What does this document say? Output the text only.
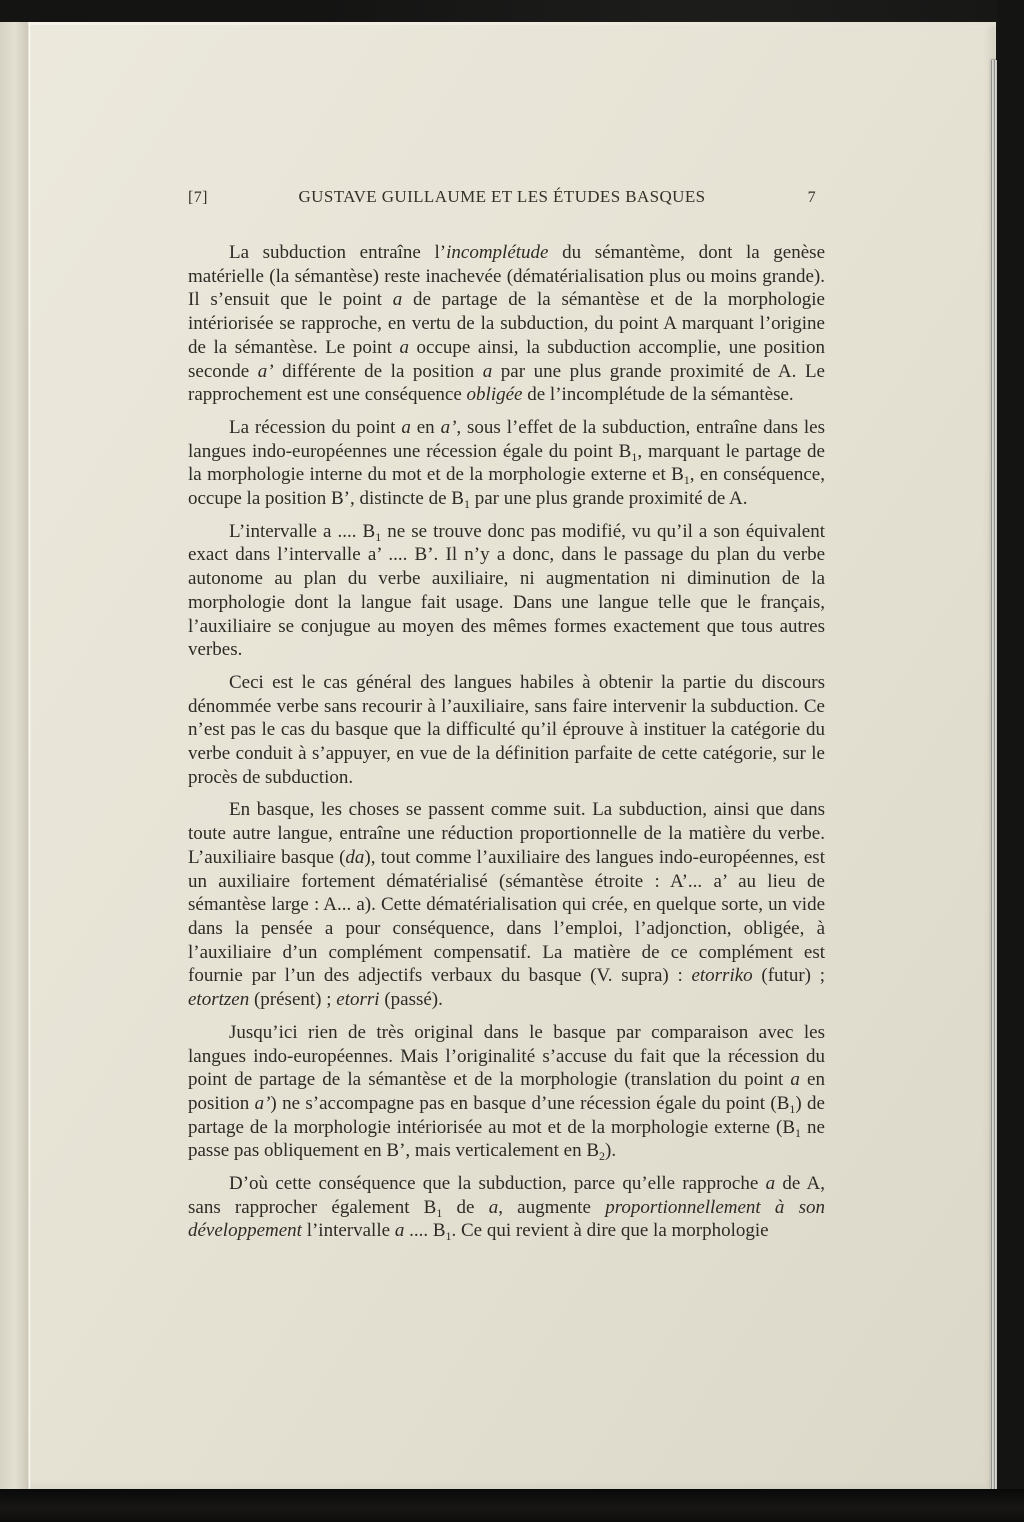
[7]	GUSTAVE GUILLAUME ET LES ÉTUDES BASQUES	7

La subduction entraîne l’incomplétude du sémantème, dont la genèse matérielle (la sémantèse) reste inachevée (dématérialisation plus ou moins grande). Il s’ensuit que le point a de partage de la sémantèse et de la morphologie intériorisée se rapproche, en vertu de la subduction, du point A marquant l’origine de la sémantèse. Le point a occupe ainsi, la subduction accomplie, une position seconde a’ différente de la position a par une plus grande proximité de A. Le rapprochement est une conséquence obligée de l’incomplétude de la sémantèse.

La récession du point a en a’, sous l’effet de la subduction, entraîne dans les langues indo-européennes une récession égale du point $B_1$, marquant le partage de la morphologie interne du mot et de la morphologie externe et $B_1$, en conséquence, occupe la position B’, distincte de $B_1$ par une plus grande proximité de A.

L’intervalle a .... $B_1$ ne se trouve donc pas modifié, vu qu’il a son équivalent exact dans l’intervalle a’ .... B’. Il n’y a donc, dans le passage du plan du verbe autonome au plan du verbe auxiliaire, ni augmentation ni diminution de la morphologie dont la langue fait usage. Dans une langue telle que le français, l’auxiliaire se conjugue au moyen des mêmes formes exactement que tous autres verbes.

Ceci est le cas général des langues habiles à obtenir la partie du discours dénommée verbe sans recourir à l’auxiliaire, sans faire intervenir la subduction. Ce n’est pas le cas du basque que la difficulté qu’il éprouve à instituer la catégorie du verbe conduit à s’appuyer, en vue de la définition parfaite de cette catégorie, sur le procès de subduction.

En basque, les choses se passent comme suit. La subduction, ainsi que dans toute autre langue, entraîne une réduction proportionnelle de la matière du verbe. L’auxiliaire basque (da), tout comme l’auxiliaire des langues indo-européennes, est un auxiliaire fortement dématérialisé (sémantèse étroite : A’... a’ au lieu de sémantèse large : A... a). Cette dématérialisation qui crée, en quelque sorte, un vide dans la pensée a pour conséquence, dans l’emploi, l’adjonction, obligée, à l’auxiliaire d’un complément compensatif. La matière de ce complément est fournie par l’un des adjectifs verbaux du basque (V. supra) : etorriko (futur) ; etortzen (présent) ; etorri (passé).

Jusqu’ici rien de très original dans le basque par comparaison avec les langues indo-européennes. Mais l’originalité s’accuse du fait que la récession du point de partage de la sémantèse et de la morphologie (translation du point a en position a’) ne s’accompagne pas en basque d’une récession égale du point $(B_1)$ de partage de la morphologie intériorisée au mot et de la morphologie externe ($B_1$ ne passe pas obliquement en B’, mais verticalement en $B_2$).

D’où cette conséquence que la subduction, parce qu’elle rapproche a de A, sans rapprocher également $B_1$ de a, augmente proportionnellement à son développement l’intervalle a .... $B_1$. Ce qui revient à dire que la morphologie
